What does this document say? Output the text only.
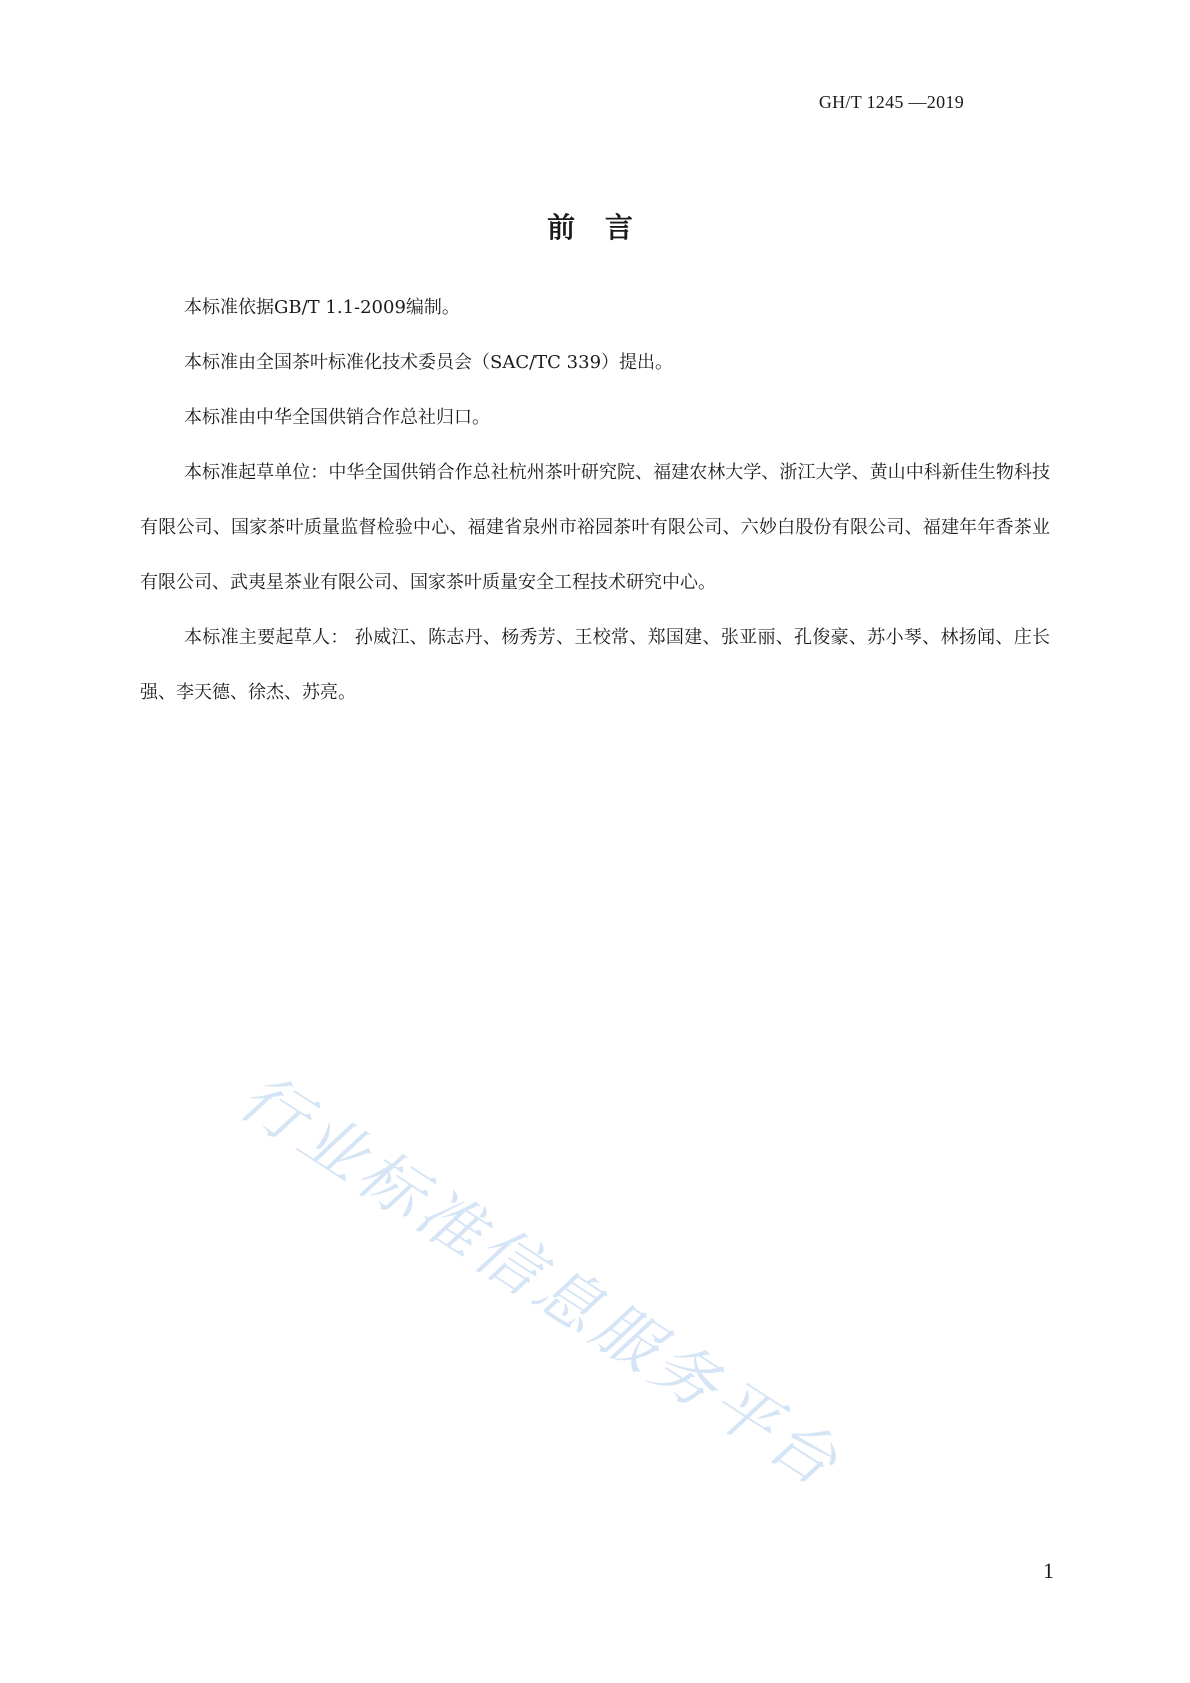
GH/T 1245 —2019
前 言

本标准依据GB/T 1.1-2009编制。

本标准由全国茶叶标准化技术委员会（SAC/TC 339）提出。

本标准由中华全国供销合作总社归口。

本标准起草单位：中华全国供销合作总社杭州茶叶研究院、福建农林大学、浙江大学、黄山中科新佳生物科技有限公司、国家茶叶质量监督检验中心、福建省泉州市裕园茶叶有限公司、六妙白股份有限公司、福建年年香茶业有限公司、武夷星茶业有限公司、国家茶叶质量安全工程技术研究中心。

本标准主要起草人： 孙威江、陈志丹、杨秀芳、王校常、郑国建、张亚丽、孔俊豪、苏小琴、林扬闻、庄长强、李天德、徐杰、苏亮。

行业标准信息服务平台
1
